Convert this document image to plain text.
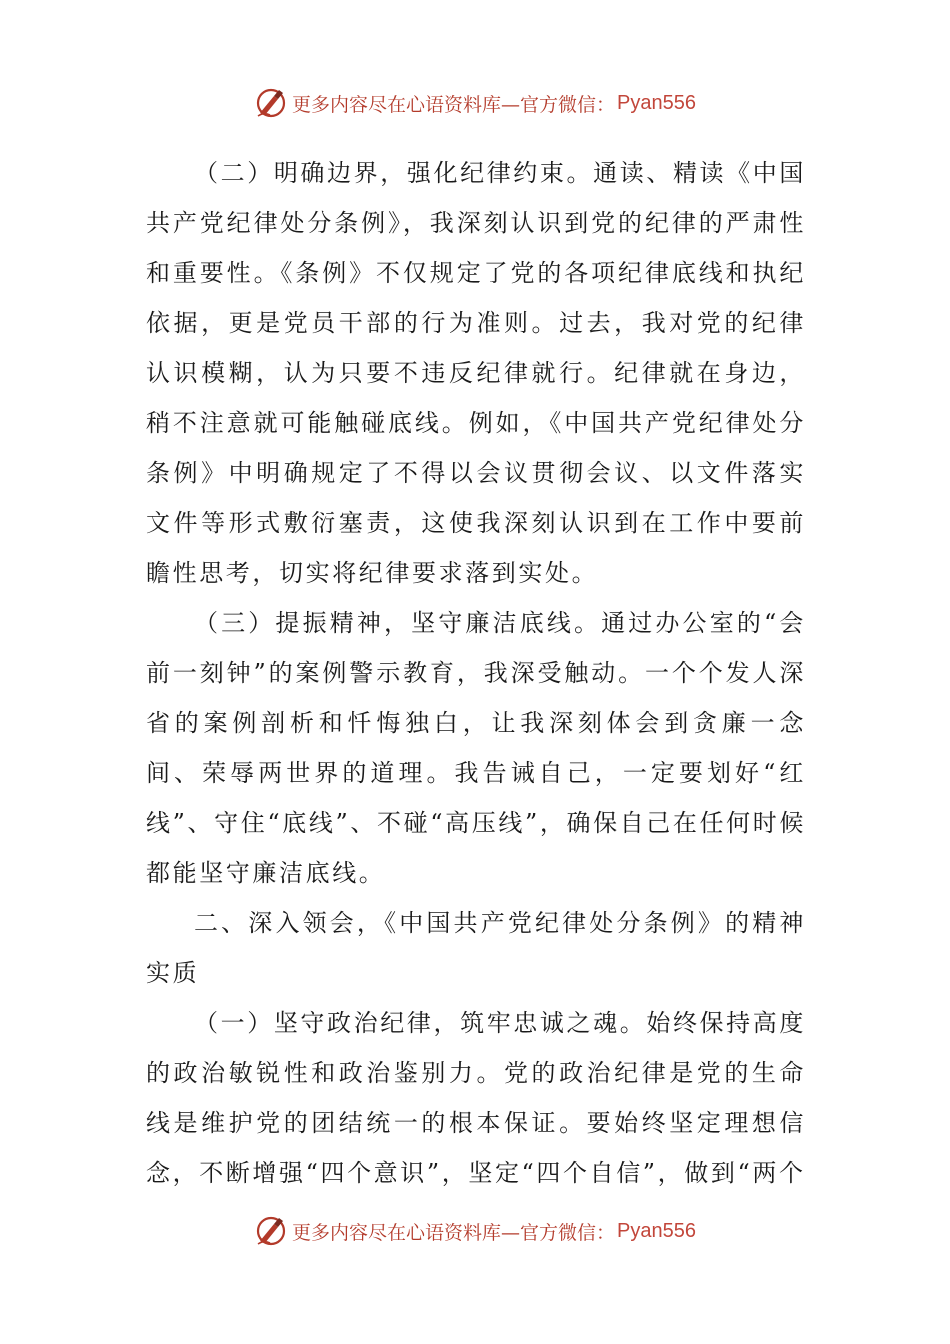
更多内容尽在心语资料库—官方微信： Pyan556

（二）明确边界，强化纪律约束。通读、精读《中国共产党纪律处分条例》，我深刻认识到党的纪律的严肃性和重要性。《条例》不仅规定了党的各项纪律底线和执纪依据，更是党员干部的行为准则。过去，我对党的纪律认识模糊，认为只要不违反纪律就行。纪律就在身边，稍不注意就可能触碰底线。例如，《中国共产党纪律处分条例》中明确规定了不得以会议贯彻会议、以文件落实文件等形式敷衍塞责，这使我深刻认识到在工作中要前瞻性思考，切实将纪律要求落到实处。

（三）提振精神，坚守廉洁底线。通过办公室的“会前一刻钟”的案例警示教育，我深受触动。一个个发人深省的案例剖析和忏悔独白，让我深刻体会到贪廉一念间、荣辱两世界的道理。我告诫自己，一定要划好“红线”、守住“底线”、不碰“高压线”，确保自己在任何时候都能坚守廉洁底线。

二、深入领会，《中国共产党纪律处分条例》的精神实质

（一）坚守政治纪律，筑牢忠诚之魂。始终保持高度的政治敏锐性和政治鉴别力。党的政治纪律是党的生命线是维护党的团结统一的根本保证。要始终坚定理想信念，不断增强“四个意识”，坚定“四个自信”，做到“两个

更多内容尽在心语资料库—官方微信： Pyan556
